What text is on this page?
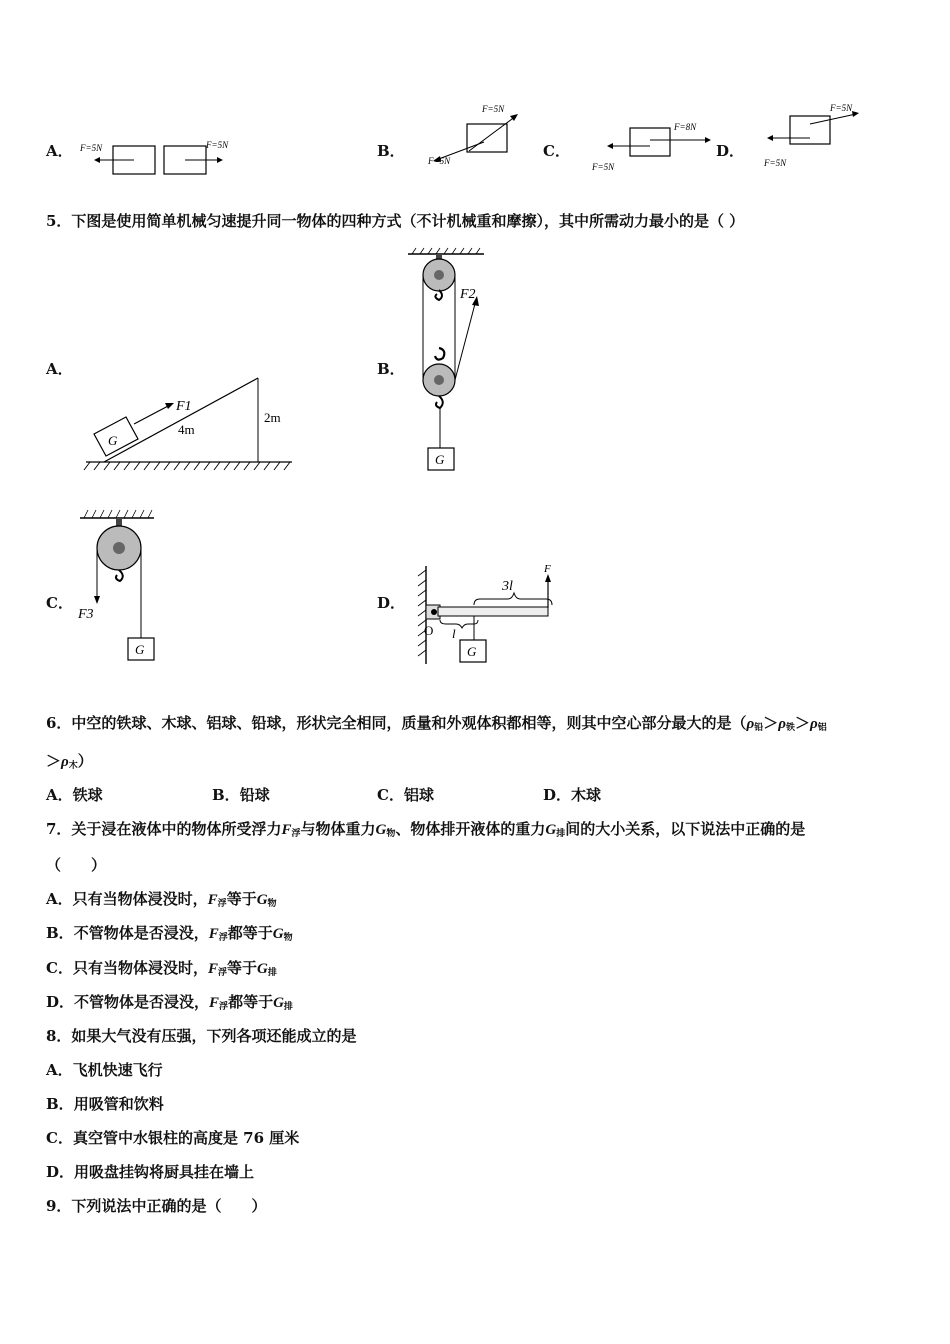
A． F=5N	F=5N	B．
F=5N
F=5N
C．
F=8N
F=5N
D．
F=5N
F=5N
5．下图是使用简单机械匀速提升同一物体的四种方式（不计机械重和摩擦），其中所需动力最小的是（ ）
A．
G
F1
4m
2m
B．
F2
G
C．
F3
G
D．
3l
F
O l
G
6．中空的铁球、木球、铝球、铅球，形状完全相同，质量和外观体积都相等，则其中空心部分最大的是（$\rho_铅>\rho_铁>\rho_铝$
$>\rho_木$）
A．铁球	B．铅球	C．铝球	D．木球
7．关于浸在液体中的物体所受浮力$F_浮$与物体重力$G_物$、物体排开液体的重力$G_排$间的大小关系，以下说法中正确的是
（　　）
A．只有当物体浸没时，$F_浮$等于$G_物$
B．不管物体是否浸没，$F_浮$都等于$G_物$
C．只有当物体浸没时，$F_浮$等于$G_排$
D．不管物体是否浸没，$F_浮$都等于$G_排$
8．如果大气没有压强，下列各项还能成立的是
A．飞机快速飞行
B．用吸管和饮料
C．真空管中水银柱的高度是 76 厘米
D．用吸盘挂钩将厨具挂在墙上
9．下列说法中正确的是（　　）
